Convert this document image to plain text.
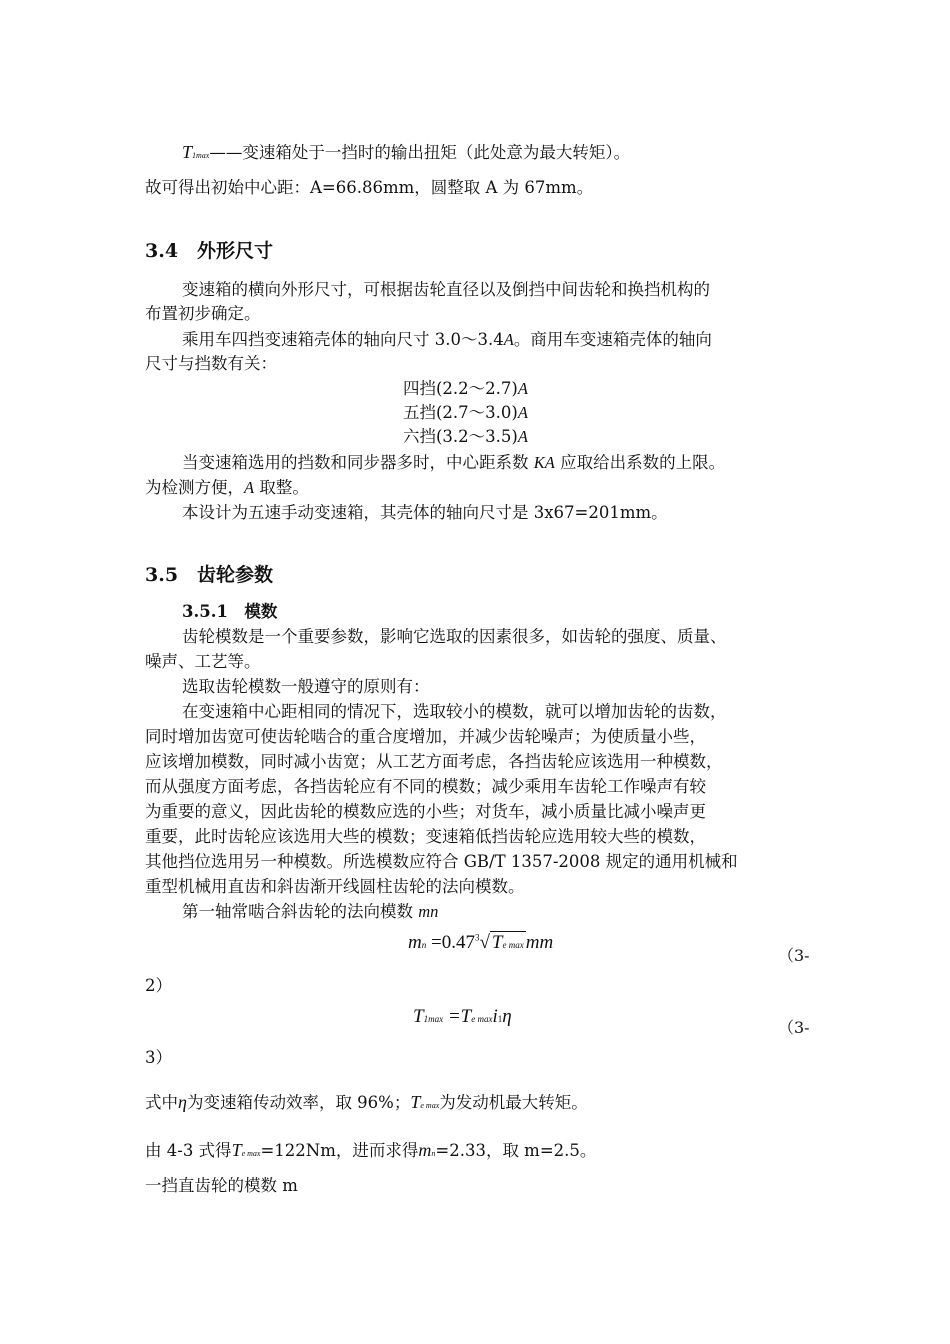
T1max——变速箱处于一挡时的输出扭矩（此处意为最大转矩）。
故可得出初始中心距：A=66.86mm，圆整取 A 为 67mm。
3.4　外形尺寸
变速箱的横向外形尺寸，可根据齿轮直径以及倒挡中间齿轮和换挡机构的
布置初步确定。
乘用车四挡变速箱壳体的轴向尺寸 3.0～3.4A。商用车变速箱壳体的轴向
尺寸与挡数有关：
四挡(2.2～2.7)A
五挡(2.7～3.0)A
六挡(3.2～3.5)A
当变速箱选用的挡数和同步器多时，中心距系数 KA 应取给出系数的上限。
为检测方便，A 取整。
本设计为五速手动变速箱，其壳体的轴向尺寸是 3x67=201mm。
3.5　齿轮参数
3.5.1　模数
齿轮模数是一个重要参数，影响它选取的因素很多，如齿轮的强度、质量、
噪声、工艺等。
选取齿轮模数一般遵守的原则有：
在变速箱中心距相同的情况下，选取较小的模数，就可以增加齿轮的齿数，
同时增加齿宽可使齿轮啮合的重合度增加，并减少齿轮噪声；为使质量小些，
应该增加模数，同时减小齿宽；从工艺方面考虑，各挡齿轮应该选用一种模数，
而从强度方面考虑，各挡齿轮应有不同的模数；减少乘用车齿轮工作噪声有较
为重要的意义，因此齿轮的模数应选的小些；对货车，减小质量比减小噪声更
重要，此时齿轮应该选用大些的模数；变速箱低挡齿轮应选用较大些的模数，
其他挡位选用另一种模数。所选模数应符合 GB/T 1357-2008 规定的通用机械和
重型机械用直齿和斜齿渐开线圆柱齿轮的法向模数。
第一轴常啮合斜齿轮的法向模数 mn
mn $=0.47^3√$ Te max mm
（3-
2）
T1max =Te maxi1η
（3-
3）
式中η为变速箱传动效率，取 96%；Te max为发动机最大转矩。
由 4-3 式得Te max=122Nm，进而求得mn=2.33，取 m=2.5。
一挡直齿轮的模数 m
